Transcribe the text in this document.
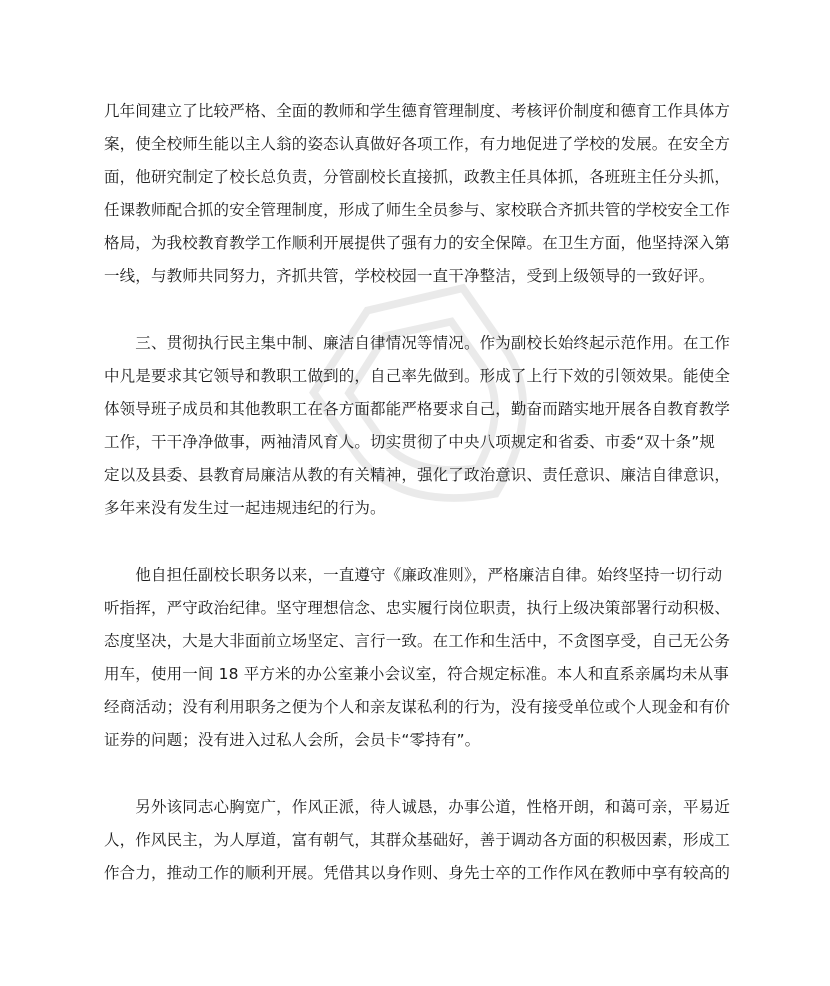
几年间建立了比较严格、全面的教师和学生德育管理制度、考核评价制度和德育工作具体方
案，使全校师生能以主人翁的姿态认真做好各项工作，有力地促进了学校的发展。在安全方
面，他研究制定了校长总负责，分管副校长直接抓，政教主任具体抓，各班班主任分头抓，
任课教师配合抓的安全管理制度，形成了师生全员参与、家校联合齐抓共管的学校安全工作
格局，为我校教育教学工作顺利开展提供了强有力的安全保障。在卫生方面，他坚持深入第
一线，与教师共同努力，齐抓共管，学校校园一直干净整洁，受到上级领导的一致好评。

　　三、贯彻执行民主集中制、廉洁自律情况等情况。作为副校长始终起示范作用。在工作
中凡是要求其它领导和教职工做到的，自己率先做到。形成了上行下效的引领效果。能使全
体领导班子成员和其他教职工在各方面都能严格要求自己，勤奋而踏实地开展各自教育教学
工作，干干净净做事，两袖清风育人。切实贯彻了中央八项规定和省委、市委“双十条”规
定以及县委、县教育局廉洁从教的有关精神，强化了政治意识、责任意识、廉洁自律意识，
多年来没有发生过一起违规违纪的行为。

　　他自担任副校长职务以来，一直遵守《廉政准则》，严格廉洁自律。始终坚持一切行动
听指挥，严守政治纪律。坚守理想信念、忠实履行岗位职责，执行上级决策部署行动积极、
态度坚决，大是大非面前立场坚定、言行一致。在工作和生活中，不贪图享受，自己无公务
用车，使用一间 18 平方米的办公室兼小会议室，符合规定标准。本人和直系亲属均未从事
经商活动；没有利用职务之便为个人和亲友谋私利的行为，没有接受单位或个人现金和有价
证券的问题；没有进入过私人会所，会员卡“零持有”。

　　另外该同志心胸宽广，作风正派，待人诚恳，办事公道，性格开朗，和蔼可亲，平易近
人，作风民主，为人厚道，富有朝气，其群众基础好，善于调动各方面的积极因素，形成工
作合力，推动工作的顺利开展。凭借其以身作则、身先士卒的工作作风在教师中享有较高的
